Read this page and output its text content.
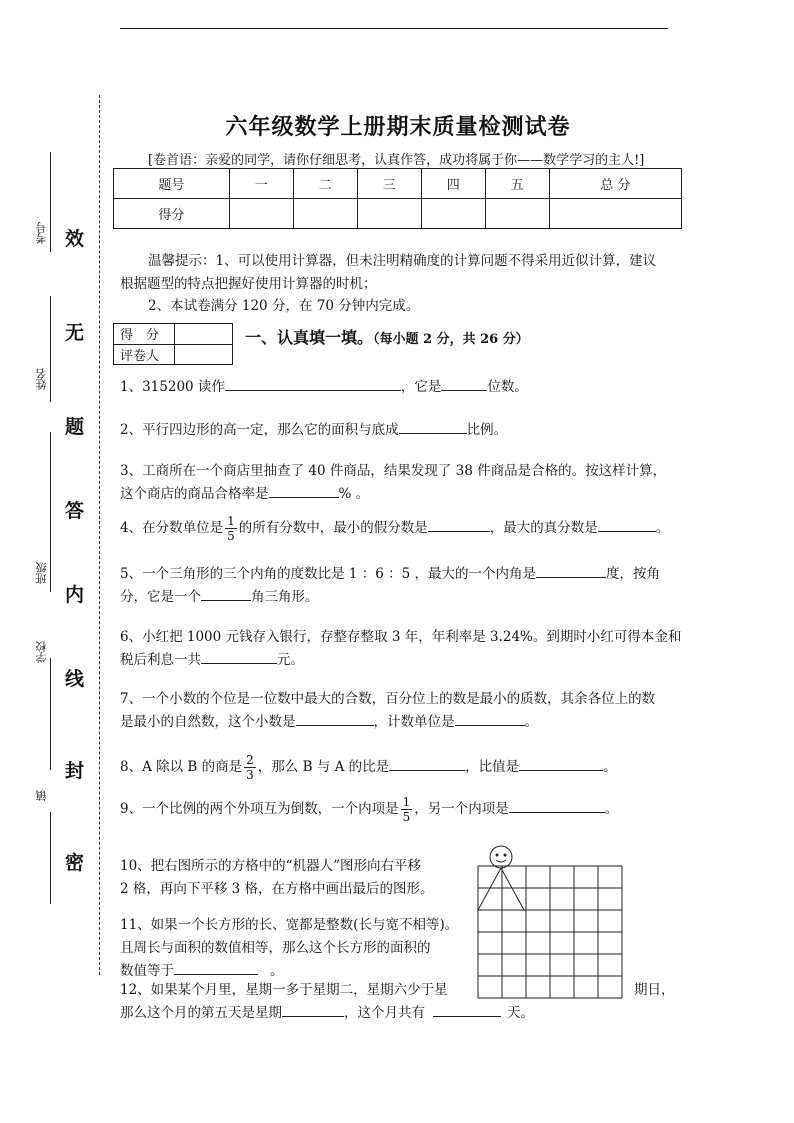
考号
姓名
班级
学校
镇
效
无
题
答
内
线
封
密
六年级数学上册期末质量检测试卷
[卷首语：亲爱的同学，请你仔细思考，认真作答，成功将属于你——数学学习的主人!]
题号	一	二	三	四	五	总 分
得分						
温馨提示：1、可以使用计算器，但未注明精确度的计算问题不得采用近似计算，建议
根据题型的特点把握好使用计算器的时机；
2、本试卷满分 120 分，在 70 分钟内完成。
得　分	
评卷人	
一、认真填一填。（每小题 2 分，共 26 分）
1、315200 读作	，它是	位数。
2、平行四边形的高一定，那么它的面积与底成	比例。
3、工商所在一个商店里抽查了 40 件商品，结果发现了 38 件商品是合格的。按这样计算，
这个商店的商品合格率是	% 。
4、在分数单位是 $\frac{1}{5}$ 的所有分数中，最小的假分数是	，最大的真分数是	。
5、一个三角形的三个内角的度数比是 1 ：6 ：5 ，最大的一个内角是	度，按角
分，它是一个	角三角形。
6、小红把 1000 元钱存入银行，存整存整取 3 年，年利率是 3.24%。到期时小红可得本金和
税后利息一共	元。
7、一个小数的个位是一位数中最大的合数，百分位上的数是最小的质数，其余各位上的数
是最小的自然数，这个小数是	，计数单位是	。
8、A 除以 B 的商是 $\frac{2}{3}$ ，那么 B 与 A 的比是	，比值是	。
9、一个比例的两个外项互为倒数，一个内项是 $\frac{1}{5}$ ，另一个内项是	。
10、把右图所示的方格中的“机器人”图形向右平移
2 格，再向下平移 3 格，在方格中画出最后的图形。
11、如果一个长方形的长、宽都是整数(长与宽不相等)。
且周长与面积的数值相等，那么这个长方形的面积的
数值等于	。
12、如果某个月里，星期一多于星期二，星期六少于星	期日，
那么这个月的第五天是星期	，这个月共有	天。
